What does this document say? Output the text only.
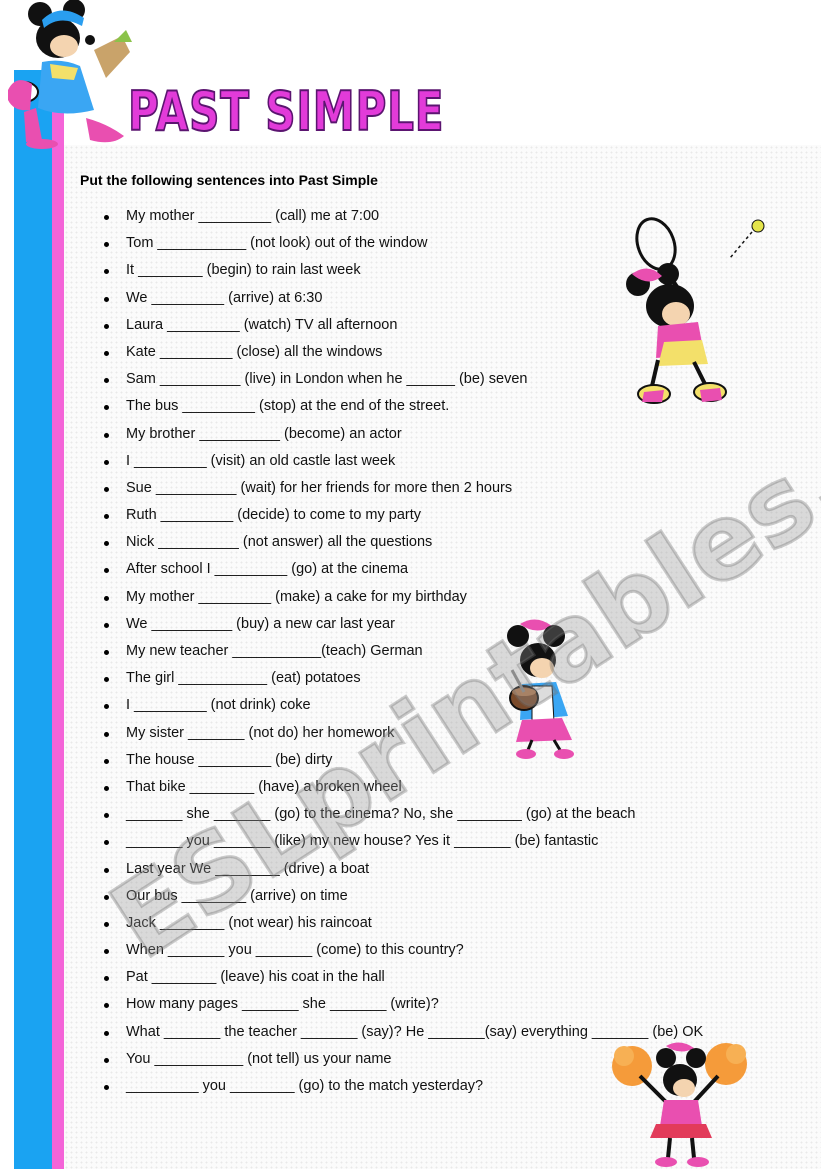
PAST SIMPLE

Put the following sentences into Past Simple

My mother _________ (call) me at 7:00
Tom ___________ (not look) out of the window
It ________ (begin) to rain last week
We _________ (arrive) at 6:30
Laura _________ (watch) TV all afternoon
Kate _________ (close) all the windows
Sam __________ (live) in London when he ______ (be) seven
The bus _________ (stop) at the end of the street.
My brother __________ (become) an actor
I _________ (visit) an old castle last week
Sue __________ (wait) for her friends for more then 2 hours
Ruth _________ (decide) to come to my party
Nick __________ (not answer) all the questions
After school I _________ (go) at the cinema
My mother _________ (make) a cake for my birthday
We __________ (buy) a new car last year
My new teacher ___________(teach) German
The girl ___________ (eat) potatoes
I _________ (not drink) coke
My sister _______ (not do) her homework
The house _________ (be) dirty
That bike ________ (have) a broken wheel
_______ she _______ (go) to the cinema? No, she ________ (go) at the beach
_______ you _______ (like) my new house? Yes it _______ (be) fantastic
Last year We ________ (drive) a boat
Our bus ________ (arrive) on time
Jack ________ (not wear) his raincoat
When _______ you _______ (come) to this country?
Pat ________ (leave) his coat in the hall
How many pages _______ she _______ (write)?
What _______ the teacher _______ (say)? He _______(say) everything _______ (be) OK
You ___________ (not tell) us your name
_________ you ________ (go) to the match yesterday?
